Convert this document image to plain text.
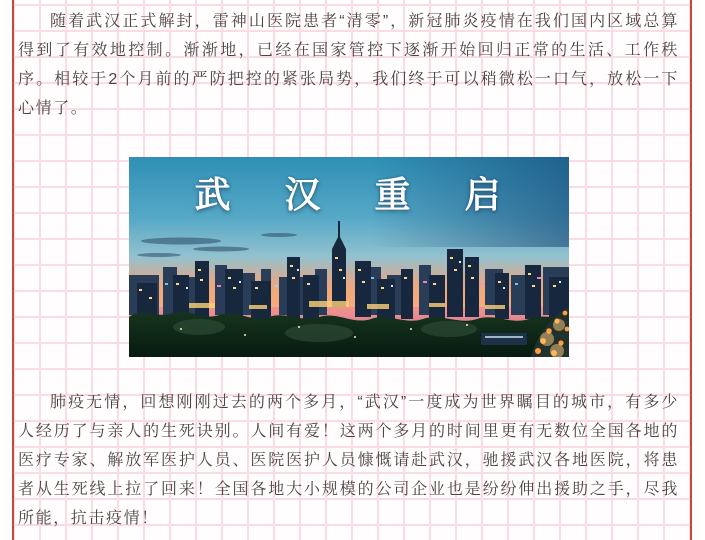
随着武汉正式解封，雷神山医院患者“清零”，新冠肺炎疫情在我们国内区域总算得到了有效地控制。渐渐地，已经在国家管控下逐渐开始回归正常的生活、工作秩序。相较于2个月前的严防把控的紧张局势，我们终于可以稍微松一口气，放松一下心情了。

武 汉 重 启

肺疫无情，回想刚刚过去的两个多月，“武汉”一度成为世界瞩目的城市，有多少人经历了与亲人的生死诀别。人间有爱！这两个多月的时间里更有无数位全国各地的医疗专家、解放军医护人员、医院医护人员慷慨请赴武汉，驰援武汉各地医院，将患者从生死线上拉了回来！全国各地大小规模的公司企业也是纷纷伸出援助之手，尽我所能，抗击疫情！
